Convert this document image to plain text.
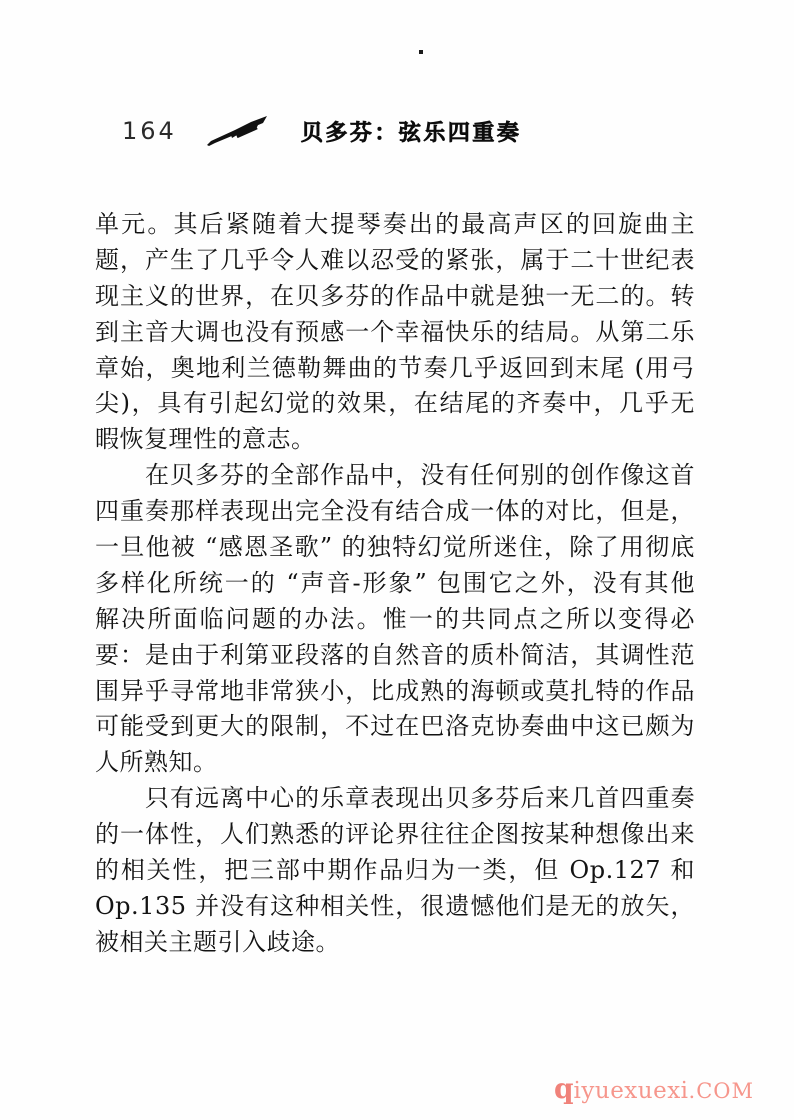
164	贝多芬：弦乐四重奏
单元。其后紧随着大提琴奏出的最高声区的回旋曲主
题，产生了几乎令人难以忍受的紧张，属于二十世纪表
现主义的世界，在贝多芬的作品中就是独一无二的。转
到主音大调也没有预感一个幸福快乐的结局。从第二乐
章始，奥地利兰德勒舞曲的节奏几乎返回到末尾 (用弓
尖)，具有引起幻觉的效果，在结尾的齐奏中，几乎无
暇恢复理性的意志。
在贝多芬的全部作品中，没有任何别的创作像这首
四重奏那样表现出完全没有结合成一体的对比，但是，
一旦他被 “感恩圣歌” 的独特幻觉所迷住，除了用彻底
多样化所统一的 “声音-形象” 包围它之外，没有其他
解决所面临问题的办法。惟一的共同点之所以变得必
要：是由于利第亚段落的自然音的质朴简洁，其调性范
围异乎寻常地非常狭小，比成熟的海顿或莫扎特的作品
可能受到更大的限制，不过在巴洛克协奏曲中这已颇为
人所熟知。
只有远离中心的乐章表现出贝多芬后来几首四重奏
的一体性，人们熟悉的评论界往往企图按某种想像出来
的相关性，把三部中期作品归为一类，但 Op.127 和
Op.135 并没有这种相关性，很遗憾他们是无的放矢，
被相关主题引入歧途。
qiyuexuexi.COM
